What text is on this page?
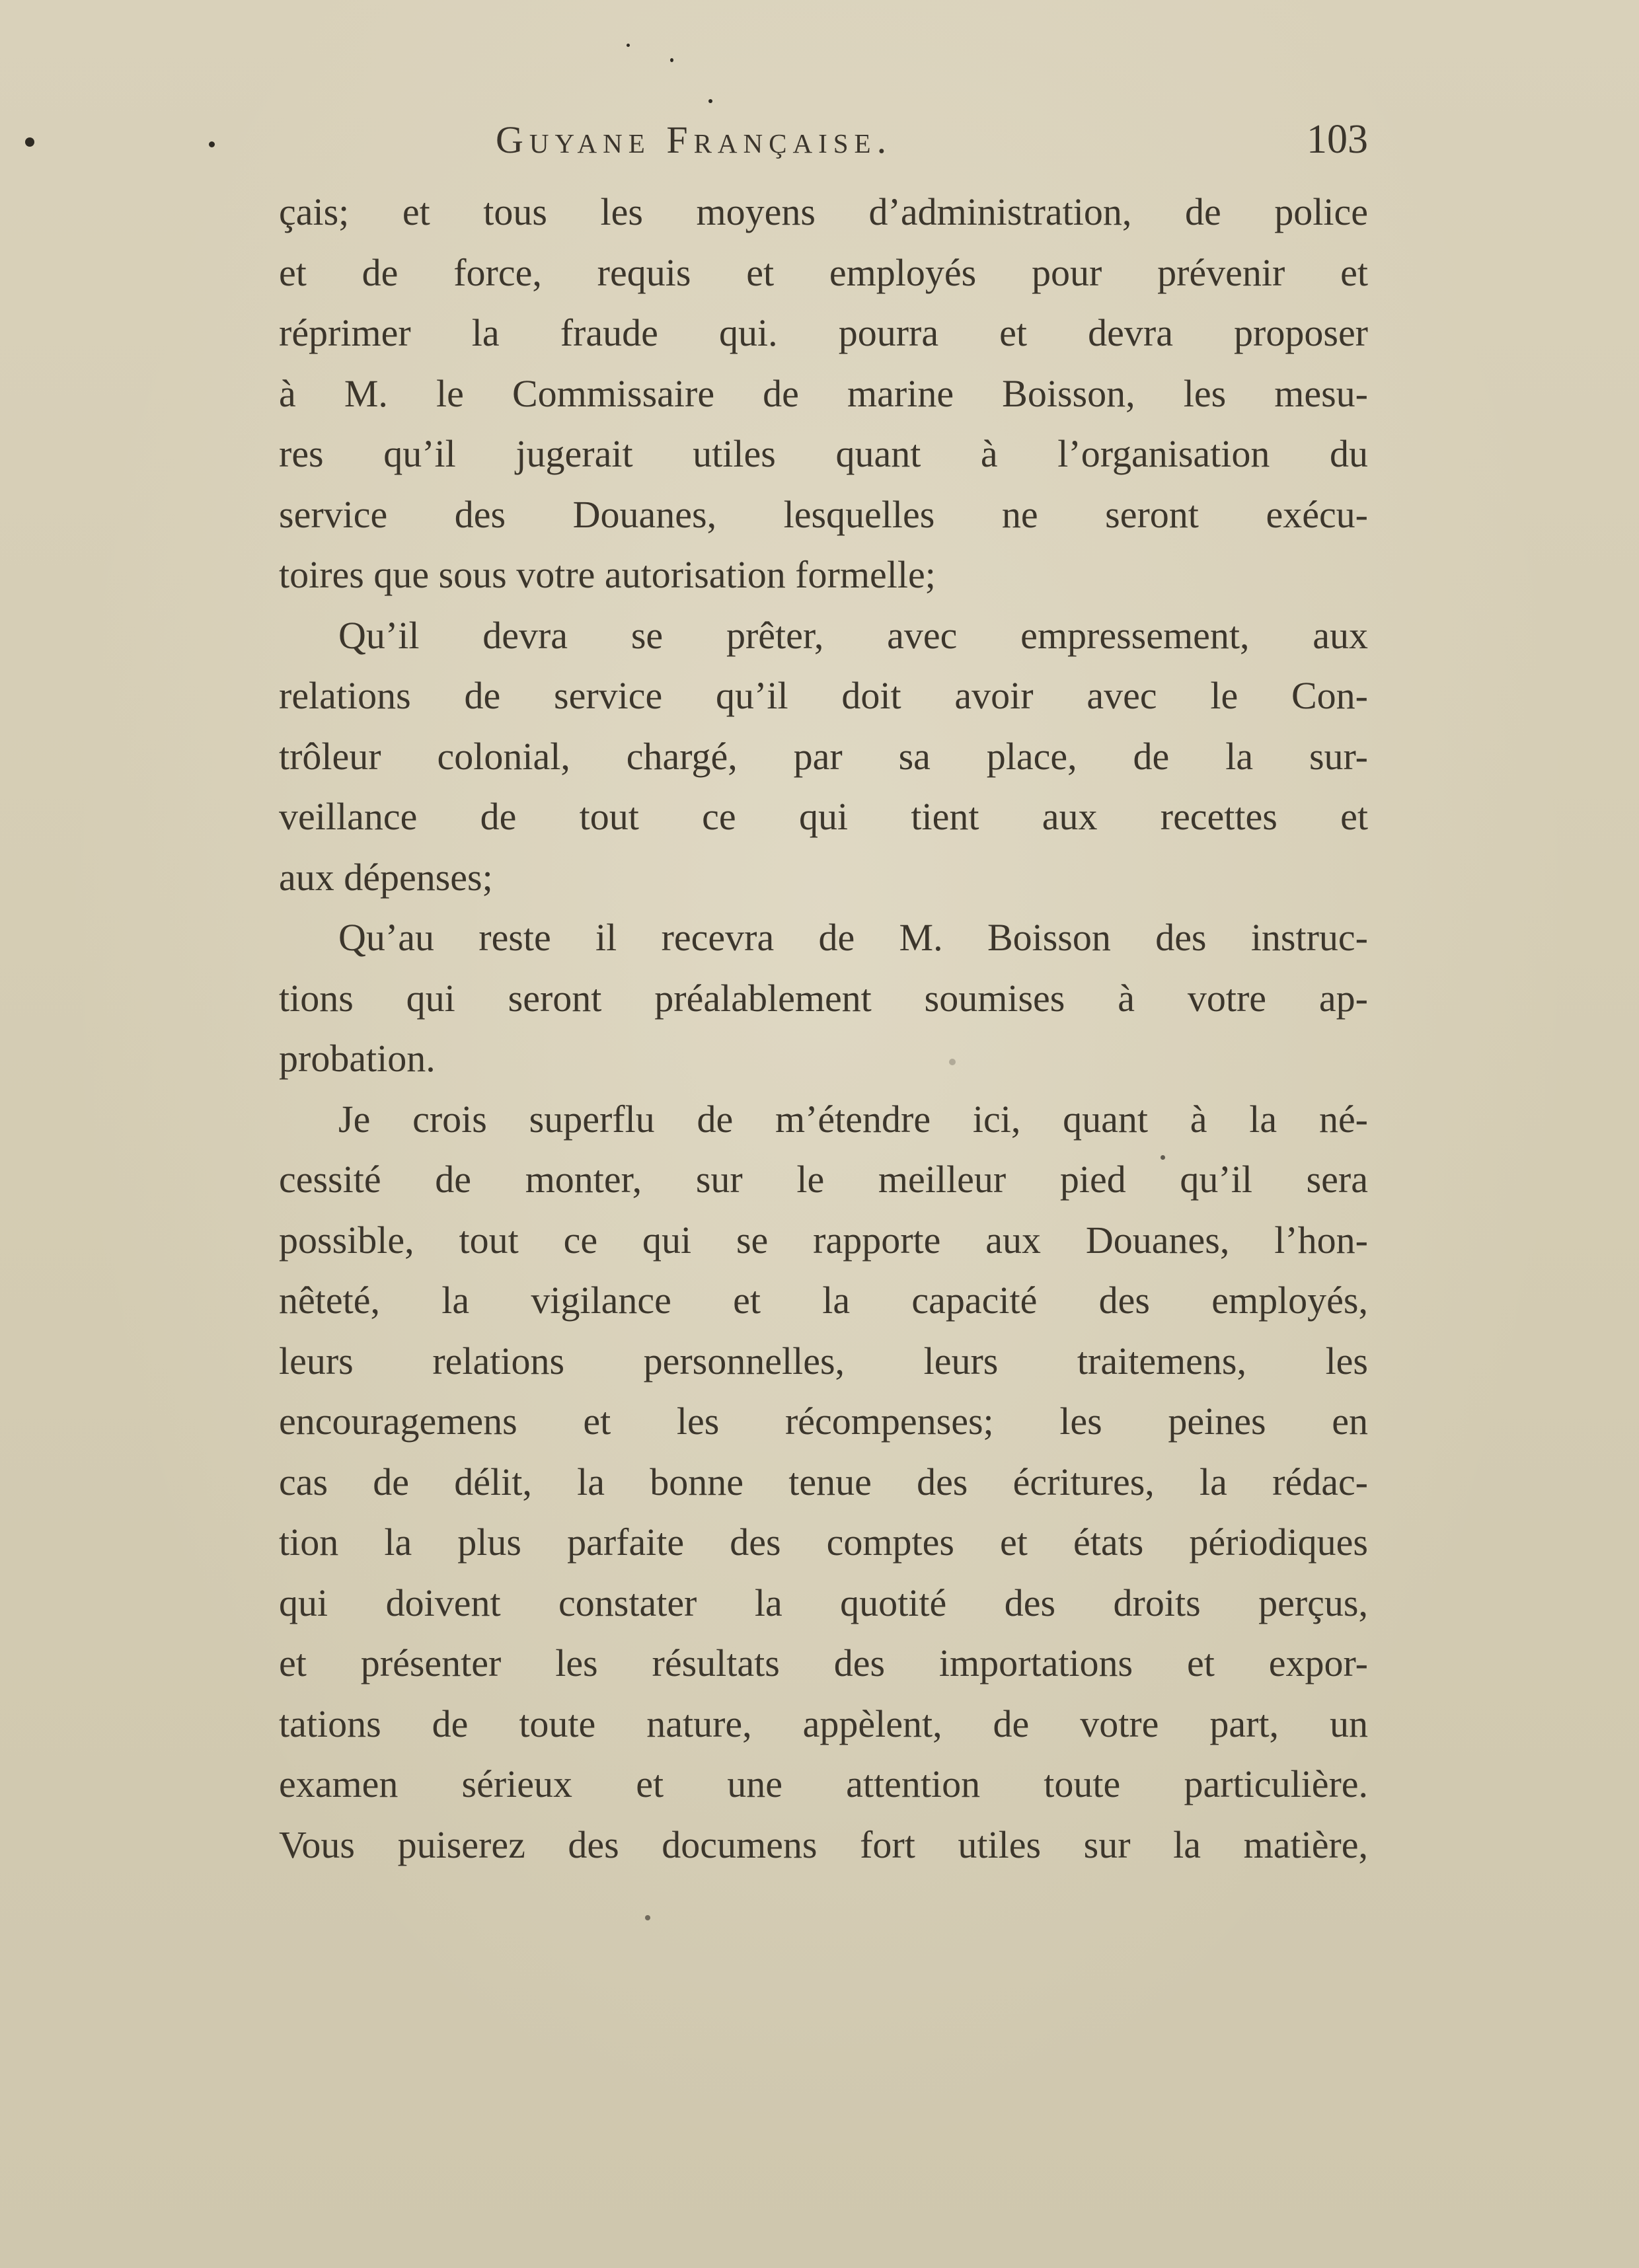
Guyane Française.	103
çais; et tous les moyens d’administration, de police
et de force, requis et employés pour prévenir et
réprimer la fraude qui. pourra et devra proposer
à M. le Commissaire de marine Boisson, les mesu-
res qu’il jugerait utiles quant à l’organisation du
service des Douanes, lesquelles ne seront exécu-
toires que sous votre autorisation formelle;
Qu’il devra se prêter, avec empressement, aux
relations de service qu’il doit avoir avec le Con-
trôleur colonial, chargé, par sa place, de la sur-
veillance de tout ce qui tient aux recettes et
aux dépenses;
Qu’au reste il recevra de M. Boisson des instruc-
tions qui seront préalablement soumises à votre ap-
probation.
Je crois superflu de m’étendre ici, quant à la né-
cessité de monter, sur le meilleur pied qu’il sera
possible, tout ce qui se rapporte aux Douanes, l’hon-
nêteté, la vigilance et la capacité des employés,
leurs relations personnelles, leurs traitemens, les
encouragemens et les récompenses; les peines en
cas de délit, la bonne tenue des écritures, la rédac-
tion la plus parfaite des comptes et états périodiques
qui doivent constater la quotité des droits perçus,
et présenter les résultats des importations et expor-
tations de toute nature, appèlent, de votre part, un
examen sérieux et une attention toute particulière.
Vous puiserez des documens fort utiles sur la matière,
